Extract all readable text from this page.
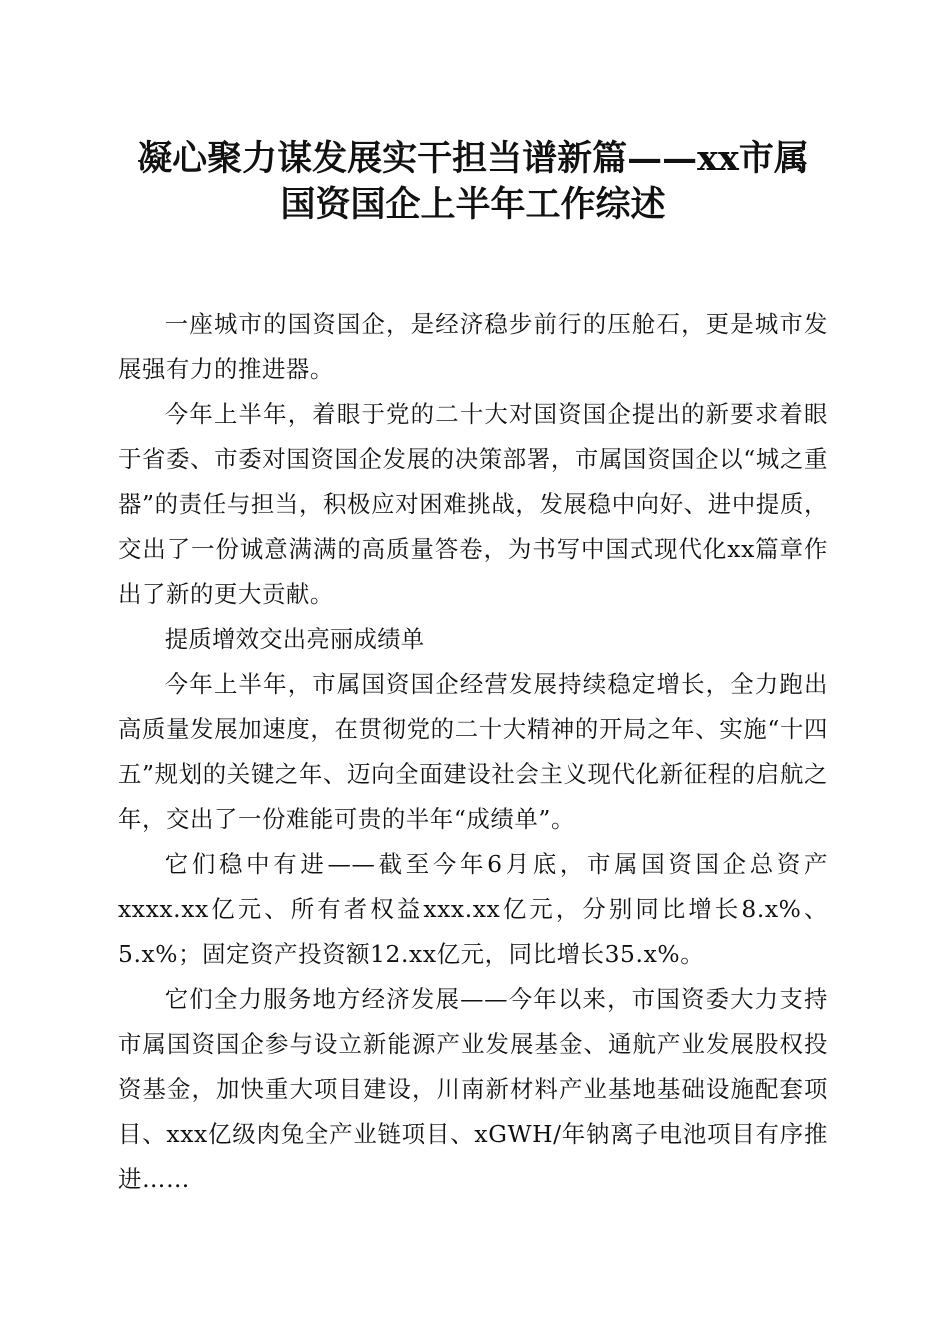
凝心聚力谋发展实干担当谱新篇——xx市属
国资国企上半年工作综述

一座城市的国资国企，是经济稳步前行的压舱石，更是城市发展强有力的推进器。

今年上半年，着眼于党的二十大对国资国企提出的新要求着眼于省委、市委对国资国企发展的决策部署，市属国资国企以“城之重器”的责任与担当，积极应对困难挑战，发展稳中向好、进中提质，交出了一份诚意满满的高质量答卷，为书写中国式现代化xx篇章作出了新的更大贡献。

提质增效交出亮丽成绩单

今年上半年，市属国资国企经营发展持续稳定增长，全力跑出高质量发展加速度，在贯彻党的二十大精神的开局之年、实施“十四五”规划的关键之年、迈向全面建设社会主义现代化新征程的启航之年，交出了一份难能可贵的半年“成绩单”。

它们稳中有进——截至今年6月底，市属国资国企总资产xxxx.xx亿元、所有者权益xxx.xx亿元，分别同比增长8.x%、5.x%；固定资产投资额12.xx亿元，同比增长35.x%。

它们全力服务地方经济发展——今年以来，市国资委大力支持市属国资国企参与设立新能源产业发展基金、通航产业发展股权投资基金，加快重大项目建设，川南新材料产业基地基础设施配套项目、xxx亿级肉兔全产业链项目、xGWH/年钠离子电池项目有序推进……
